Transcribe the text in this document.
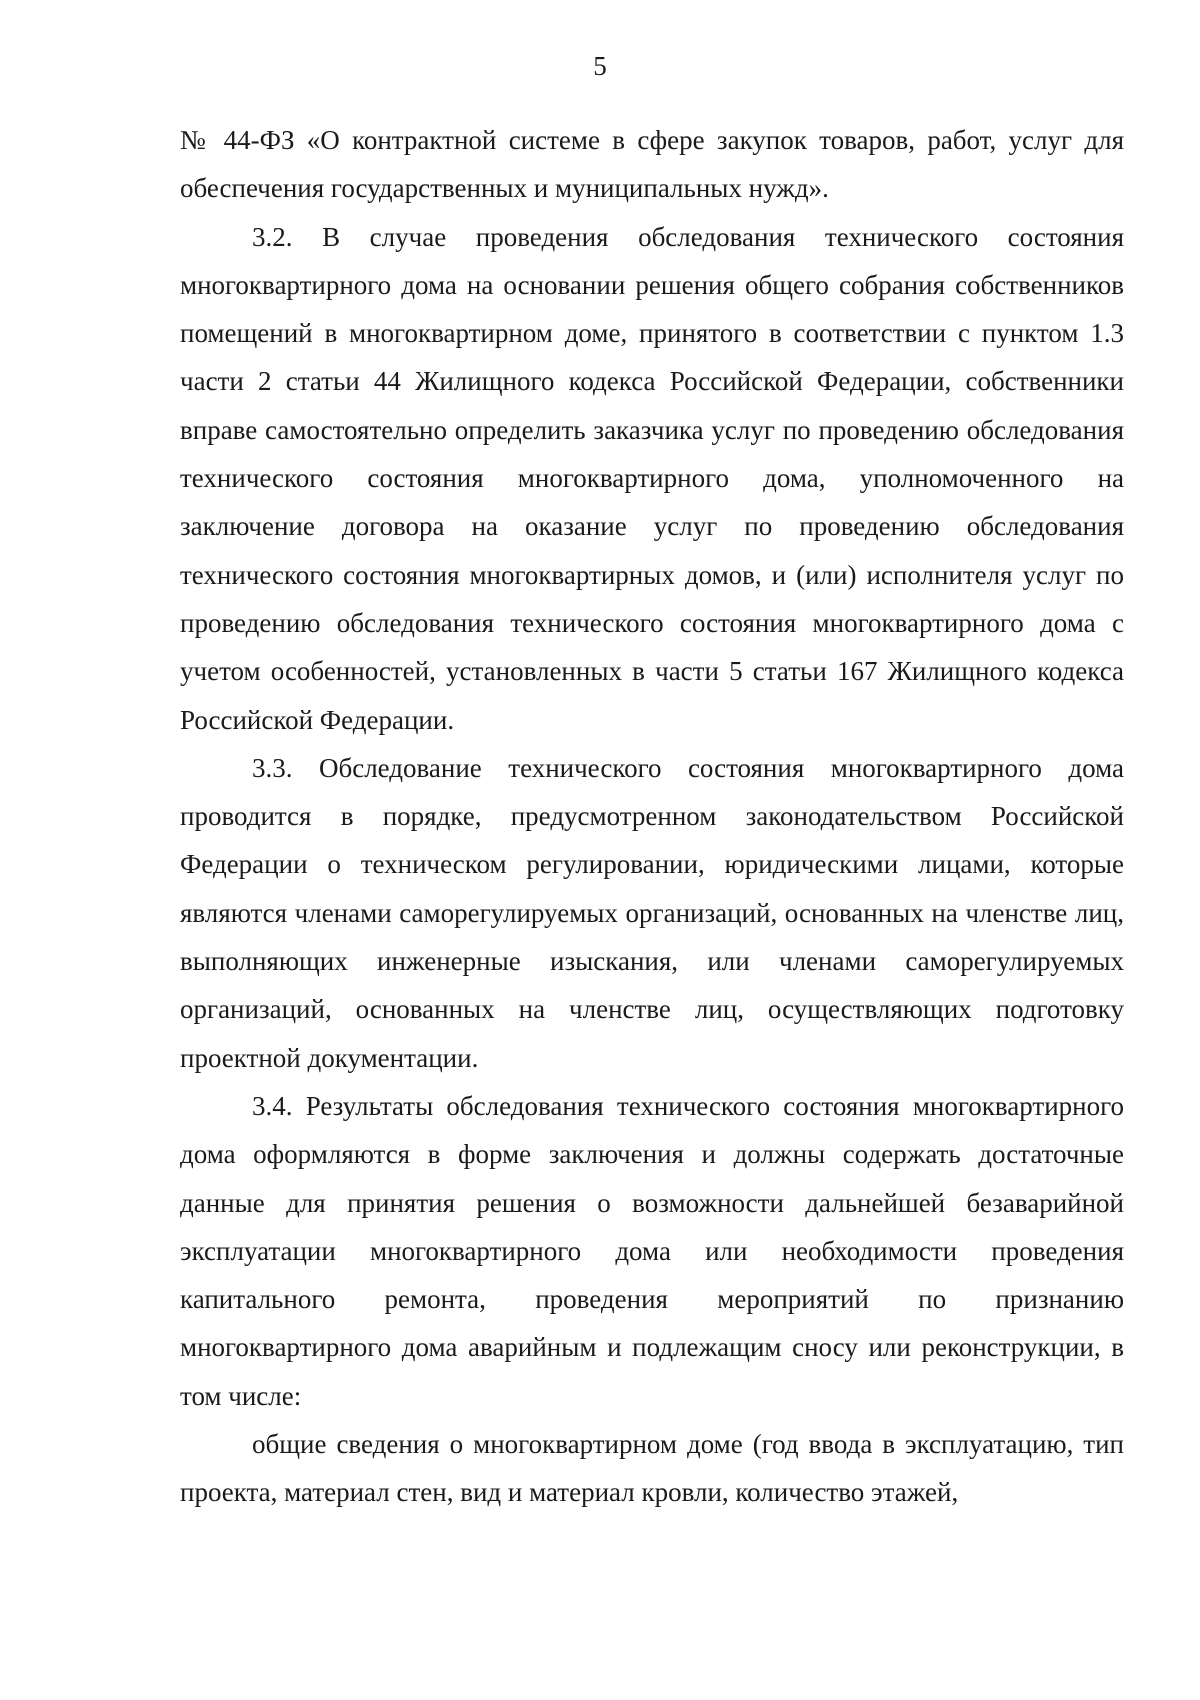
5

№ 44-ФЗ «О контрактной системе в сфере закупок товаров, работ, услуг для обеспечения государственных и муниципальных нужд».

3.2. В случае проведения обследования технического состояния многоквартирного дома на основании решения общего собрания собственников помещений в многоквартирном доме, принятого в соответствии с пунктом 1.3 части 2 статьи 44 Жилищного кодекса Российской Федерации, собственники вправе самостоятельно определить заказчика услуг по проведению обследования технического состояния многоквартирного дома, уполномоченного на заключение договора на оказание услуг по проведению обследования технического состояния многоквартирных домов, и (или) исполнителя услуг по проведению обследования технического состояния многоквартирного дома с учетом особенностей, установленных в части 5 статьи 167 Жилищного кодекса Российской Федерации.

3.3. Обследование технического состояния многоквартирного дома проводится в порядке, предусмотренном законодательством Российской Федерации о техническом регулировании, юридическими лицами, которые являются членами саморегулируемых организаций, основанных на членстве лиц, выполняющих инженерные изыскания, или членами саморегулируемых организаций, основанных на членстве лиц, осуществляющих подготовку проектной документации.

3.4. Результаты обследования технического состояния многоквартирного дома оформляются в форме заключения и должны содержать достаточные данные для принятия решения о возможности дальнейшей безаварийной эксплуатации многоквартирного дома или необходимости проведения капитального ремонта, проведения мероприятий по признанию многоквартирного дома аварийным и подлежащим сносу или реконструкции, в том числе:

общие сведения о многоквартирном доме (год ввода в эксплуатацию, тип проекта, материал стен, вид и материал кровли, количество этажей,
